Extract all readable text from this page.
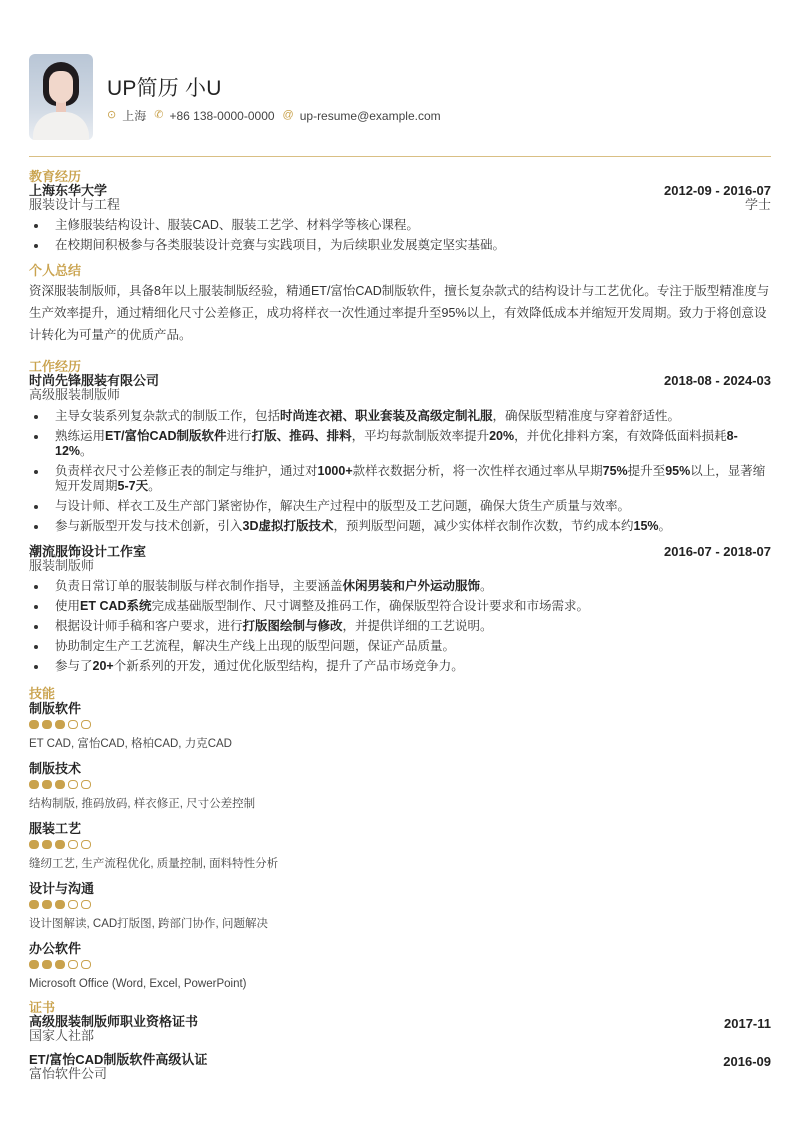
UP简历 小U
⊙ 上海 ✆ +86 138-0000-0000 @ up-resume@example.com
教育经历
上海东华大学
服装设计与工程
2012-09 - 2016-07
学士
主修服装结构设计、服装CAD、服装工艺学、材料学等核心课程。
在校期间积极参与各类服装设计竞赛与实践项目，为后续职业发展奠定坚实基础。
个人总结
资深服装制版师，具备8年以上服装制版经验，精通ET/富怡CAD制版软件，擅长复杂款式的结构设计与工艺优化。专注于版型精准度与生产效率提升，通过精细化尺寸公差修正，成功将样衣一次性通过率提升至95%以上，有效降低成本并缩短开发周期。致力于将创意设计转化为可量产的优质产品。
工作经历
时尚先锋服装有限公司
高级服装制版师
2018-08 - 2024-03
主导女装系列复杂款式的制版工作，包括时尚连衣裙、职业套装及高级定制礼服，确保版型精准度与穿着舒适性。
熟练运用ET/富怡CAD制版软件进行打版、推码、排料，平均每款制版效率提升20%，并优化排料方案，有效降低面料损耗8-12%。
负责样衣尺寸公差修正表的制定与维护，通过对1000+款样衣数据分析，将一次性样衣通过率从早期75%提升至95%以上，显著缩短开发周期5-7天。
与设计师、样衣工及生产部门紧密协作，解决生产过程中的版型及工艺问题，确保大货生产质量与效率。
参与新版型开发与技术创新，引入3D虚拟打版技术，预判版型问题，减少实体样衣制作次数，节约成本约15%。
潮流服饰设计工作室
服装制版师
2016-07 - 2018-07
负责日常订单的服装制版与样衣制作指导，主要涵盖休闲男装和户外运动服饰。
使用ET CAD系统完成基础版型制作、尺寸调整及推码工作，确保版型符合设计要求和市场需求。
根据设计师手稿和客户要求，进行打版图绘制与修改，并提供详细的工艺说明。
协助制定生产工艺流程，解决生产线上出现的版型问题，保证产品质量。
参与了20+个新系列的开发，通过优化版型结构，提升了产品市场竞争力。
技能
制版软件
ET CAD, 富怡CAD, 格柏CAD, 力克CAD
制版技术
结构制版, 推码放码, 样衣修正, 尺寸公差控制
服装工艺
缝纫工艺, 生产流程优化, 质量控制, 面料特性分析
设计与沟通
设计图解读, CAD打版图, 跨部门协作, 问题解决
办公软件
Microsoft Office (Word, Excel, PowerPoint)
证书
高级服装制版师职业资格证书
国家人社部
2017-11
ET/富怡CAD制版软件高级认证
富怡软件公司
2016-09
